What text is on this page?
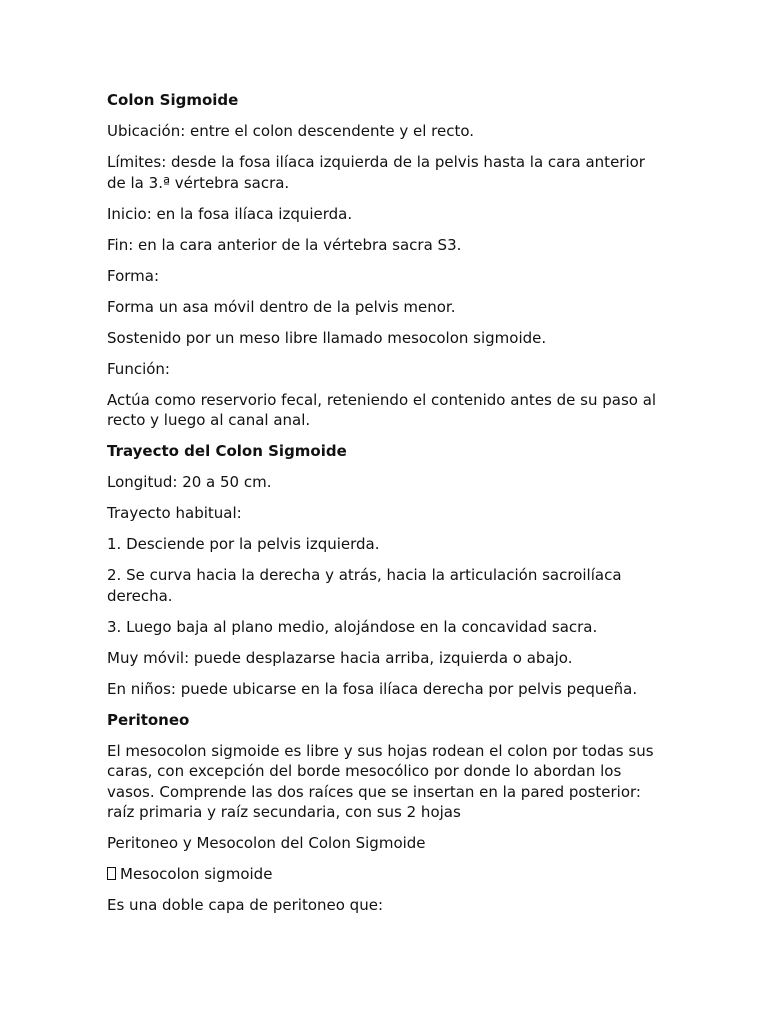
Colon Sigmoide

Ubicación: entre el colon descendente y el recto.

Límites: desde la fosa ilíaca izquierda de la pelvis hasta la cara anterior de la 3.ª vértebra sacra.

Inicio: en la fosa ilíaca izquierda.

Fin: en la cara anterior de la vértebra sacra S3.

Forma:

Forma un asa móvil dentro de la pelvis menor.

Sostenido por un meso libre llamado mesocolon sigmoide.

Función:

Actúa como reservorio fecal, reteniendo el contenido antes de su paso al recto y luego al canal anal.

Trayecto del Colon Sigmoide

Longitud: 20 a 50 cm.

Trayecto habitual:

1. Desciende por la pelvis izquierda.

2. Se curva hacia la derecha y atrás, hacia la articulación sacroilíaca derecha.

3. Luego baja al plano medio, alojándose en la concavidad sacra.

Muy móvil: puede desplazarse hacia arriba, izquierda o abajo.

En niños: puede ubicarse en la fosa ilíaca derecha por pelvis pequeña.

Peritoneo

El mesocolon sigmoide es libre y sus hojas rodean el colon por todas sus caras, con excepción del borde mesocólico por donde lo abordan los vasos. Comprende las dos raíces que se insertan en la pared posterior: raíz primaria y raíz secundaria, con sus 2 hojas

Peritoneo y Mesocolon del Colon Sigmoide

Mesocolon sigmoide

Es una doble capa de peritoneo que:
